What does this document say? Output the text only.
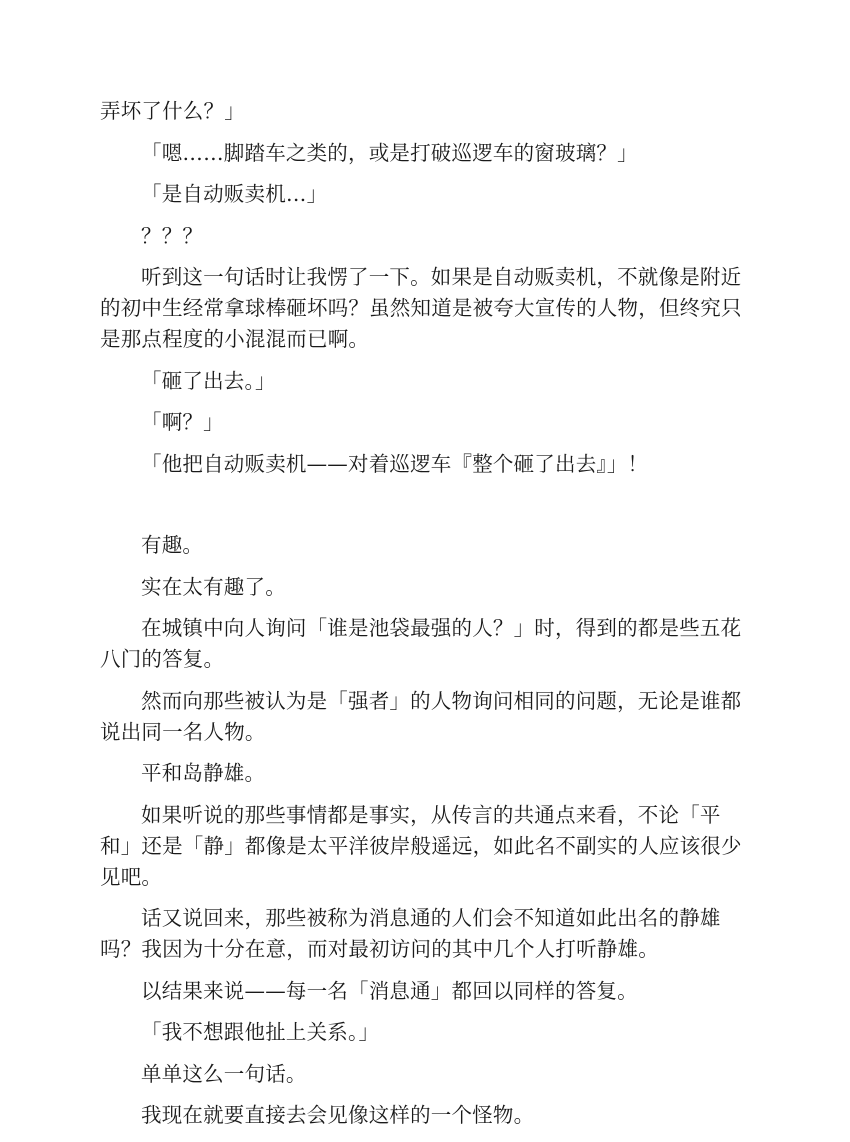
弄坏了什么？」

「嗯……脚踏车之类的，或是打破巡逻车的窗玻璃？」

「是自动贩卖机…」

？？？

听到这一句话时让我愣了一下。如果是自动贩卖机，不就像是附近的初中生经常拿球棒砸坏吗？虽然知道是被夸大宣传的人物，但终究只是那点程度的小混混而已啊。

「砸了出去。」

「啊？」

「他把自动贩卖机——对着巡逻车『整个砸了出去』」！

有趣。

实在太有趣了。

在城镇中向人询问「谁是池袋最强的人？」时，得到的都是些五花八门的答复。

然而向那些被认为是「强者」的人物询问相同的问题，无论是谁都说出同一名人物。

平和岛静雄。

如果听说的那些事情都是事实，从传言的共通点来看，不论「平和」还是「静」都像是太平洋彼岸般遥远，如此名不副实的人应该很少见吧。

话又说回来，那些被称为消息通的人们会不知道如此出名的静雄吗？我因为十分在意，而对最初访问的其中几个人打听静雄。

以结果来说——每一名「消息通」都回以同样的答复。

「我不想跟他扯上关系。」

单单这么一句话。

我现在就要直接去会见像这样的一个怪物。
